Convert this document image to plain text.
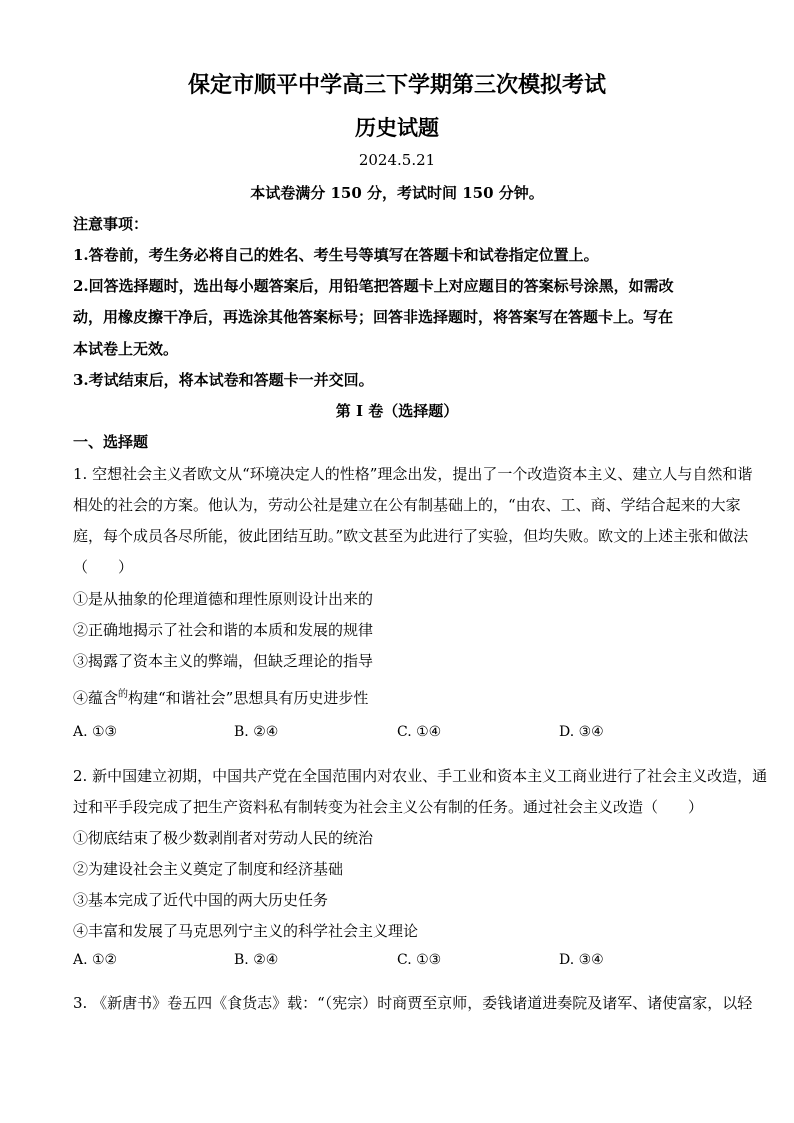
保定市顺平中学高三下学期第三次模拟考试
历史试题
2024.5.21
本试卷满分 150 分，考试时间 150 分钟。
注意事项：
1.答卷前，考生务必将自己的姓名、考生号等填写在答题卡和试卷指定位置上。
2.回答选择题时，选出每小题答案后，用铅笔把答题卡上对应题目的答案标号涂黑，如需改
动，用橡皮擦干净后，再选涂其他答案标号；回答非选择题时，将答案写在答题卡上。写在
本试卷上无效。
3.考试结束后，将本试卷和答题卡一并交回。
第 I 卷（选择题）
一、选择题
1. 空想社会主义者欧文从“环境决定人的性格”理念出发，提出了一个改造资本主义、建立人与自然和谐
相处的社会的方案。他认为，劳动公社是建立在公有制基础上的，“由农、工、商、学结合起来的大家
庭，每个成员各尽所能，彼此团结互助。”欧文甚至为此进行了实验，但均失败。欧文的上述主张和做法
（　　）
①是从抽象的伦理道德和理性原则设计出来的
②正确地揭示了社会和谐的本质和发展的规律
③揭露了资本主义的弊端，但缺乏理论的指导
④蕴含$^的$构建“和谐社会”思想具有历史进步性
A. ①③	B. ②④	C. ①④	D. ③④
2. 新中国建立初期，中国共产党在全国范围内对农业、手工业和资本主义工商业进行了社会主义改造，通
过和平手段完成了把生产资料私有制转变为社会主义公有制的任务。通过社会主义改造（　　）
①彻底结束了极少数剥削者对劳动人民的统治
②为建设社会主义奠定了制度和经济基础
③基本完成了近代中国的两大历史任务
④丰富和发展了马克思列宁主义的科学社会主义理论
A. ①②	B. ②④	C. ①③	D. ③④
3. 《新唐书》卷五四《食货志》载：“（宪宗）时商贾至京师，委钱诸道进奏院及诸军、诸使富家，以轻
